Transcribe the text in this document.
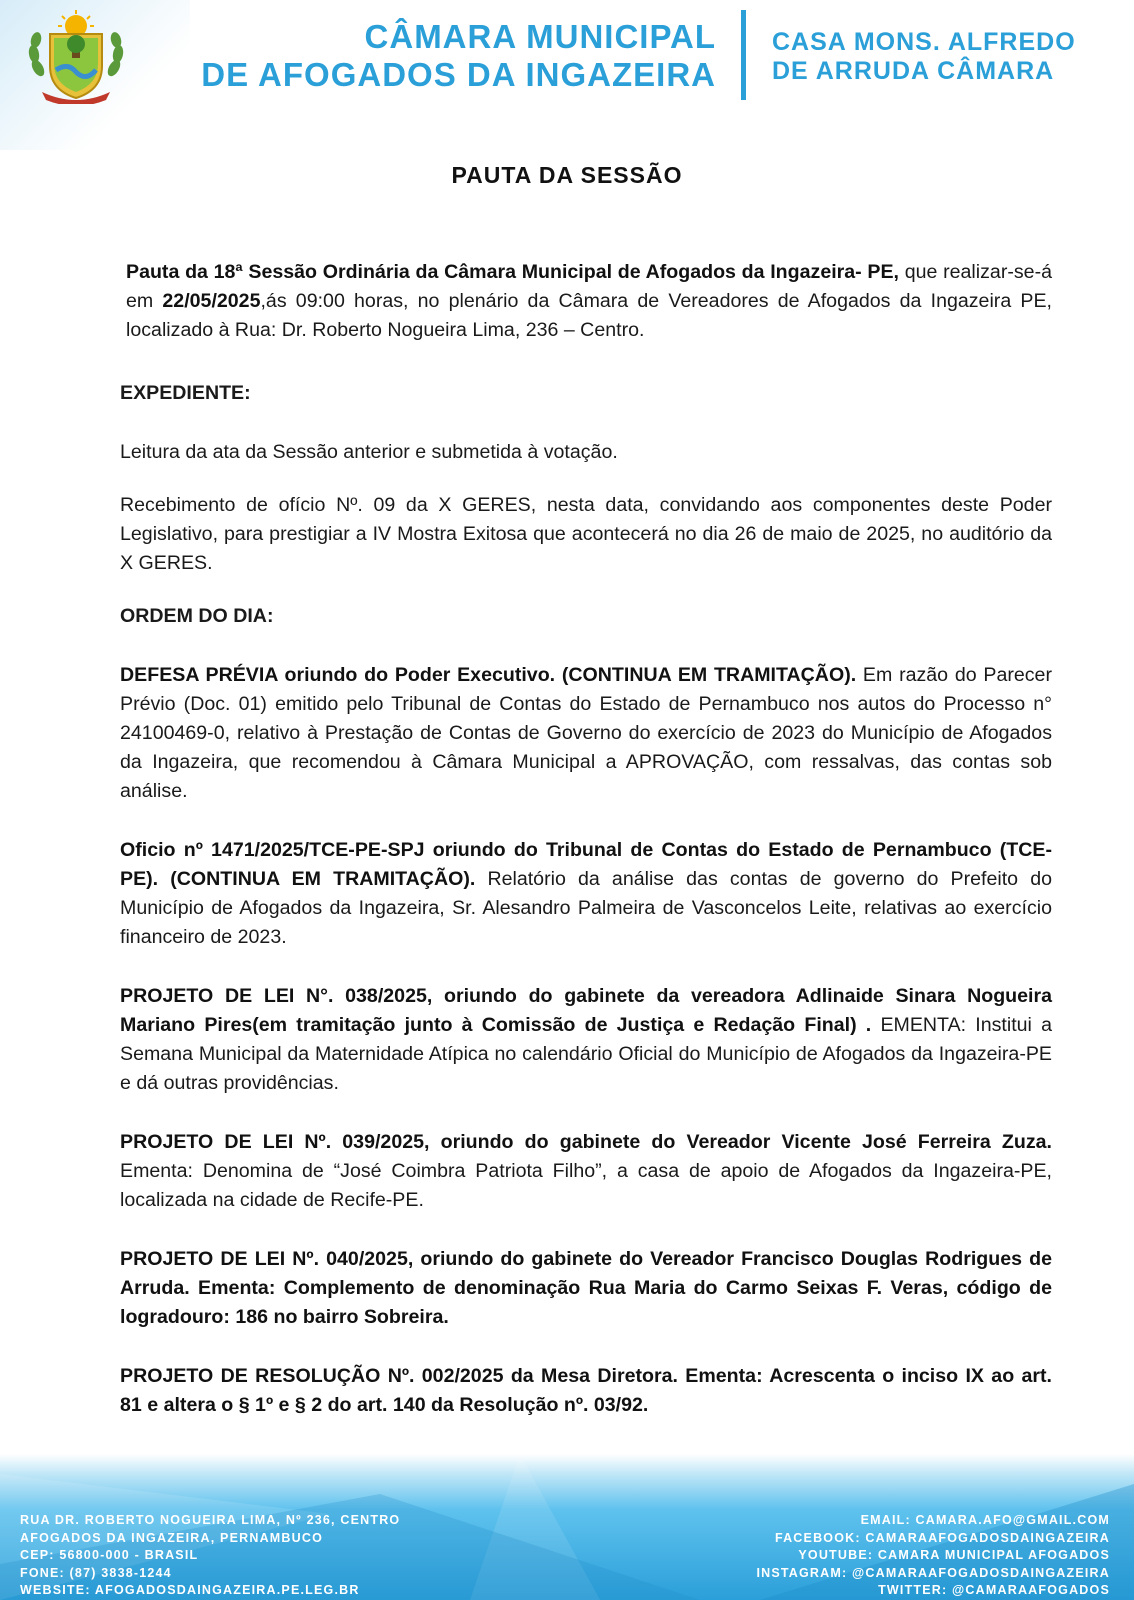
CÂMARA MUNICIPAL
DE AFOGADOS DA INGAZEIRA
CASA MONS. ALFREDO
DE ARRUDA CÂMARA
PAUTA DA SESSÃO

Pauta da 18ª Sessão Ordinária da Câmara Municipal de Afogados da Ingazeira- PE, que realizar-se-á em 22/05/2025,ás 09:00 horas, no plenário da Câmara de Vereadores de Afogados da Ingazeira PE, localizado à Rua: Dr. Roberto Nogueira Lima, 236 – Centro.

EXPEDIENTE:

Leitura da ata da Sessão anterior e submetida à votação.

Recebimento de ofício Nº. 09 da X GERES, nesta data, convidando aos componentes deste Poder Legislativo, para prestigiar a IV Mostra Exitosa que acontecerá no dia 26 de maio de 2025, no auditório da X GERES.

ORDEM DO DIA:

DEFESA PRÉVIA oriundo do Poder Executivo. (CONTINUA EM TRAMITAÇÃO). Em razão do Parecer Prévio (Doc. 01) emitido pelo Tribunal de Contas do Estado de Pernambuco nos autos do Processo n° 24100469-0, relativo à Prestação de Contas de Governo do exercício de 2023 do Município de Afogados da Ingazeira, que recomendou à Câmara Municipal a APROVAÇÃO, com ressalvas, das contas sob análise.

Oficio nº 1471/2025/TCE-PE-SPJ oriundo do Tribunal de Contas do Estado de Pernambuco (TCE-PE). (CONTINUA EM TRAMITAÇÃO). Relatório da análise das contas de governo do Prefeito do Município de Afogados da Ingazeira, Sr. Alesandro Palmeira de Vasconcelos Leite, relativas ao exercício financeiro de 2023.

PROJETO DE LEI N°. 038/2025, oriundo do gabinete da vereadora Adlinaide Sinara Nogueira Mariano Pires(em tramitação junto à Comissão de Justiça e Redação Final) . EMENTA: Institui a Semana Municipal da Maternidade Atípica no calendário Oficial do Município de Afogados da Ingazeira-PE e dá outras providências.

PROJETO DE LEI Nº. 039/2025, oriundo do gabinete do Vereador Vicente José Ferreira Zuza. Ementa: Denomina de “José Coimbra Patriota Filho”, a casa de apoio de Afogados da Ingazeira-PE, localizada na cidade de Recife-PE.

PROJETO DE LEI Nº. 040/2025, oriundo do gabinete do Vereador Francisco Douglas Rodrigues de Arruda. Ementa: Complemento de denominação Rua Maria do Carmo Seixas F. Veras, código de logradouro: 186 no bairro Sobreira.

PROJETO DE RESOLUÇÃO Nº. 002/2025 da Mesa Diretora. Ementa: Acrescenta o inciso IX ao art. 81 e altera o § 1º e § 2 do art. 140 da Resolução nº. 03/92.

RUA DR. ROBERTO NOGUEIRA LIMA, Nº 236, CENTRO
AFOGADOS DA INGAZEIRA, PERNAMBUCO
CEP: 56800-000 - BRASIL
FONE: (87) 3838-1244
WEBSITE: AFOGADOSDAINGAZEIRA.PE.LEG.BR
EMAIL: CAMARA.AFO@GMAIL.COM
FACEBOOK: CAMARAAFOGADOSDAINGAZEIRA
YOUTUBE: CAMARA MUNICIPAL AFOGADOS
INSTAGRAM: @CAMARAAFOGADOSDAINGAZEIRA
TWITTER: @CAMARAAFOGADOS
